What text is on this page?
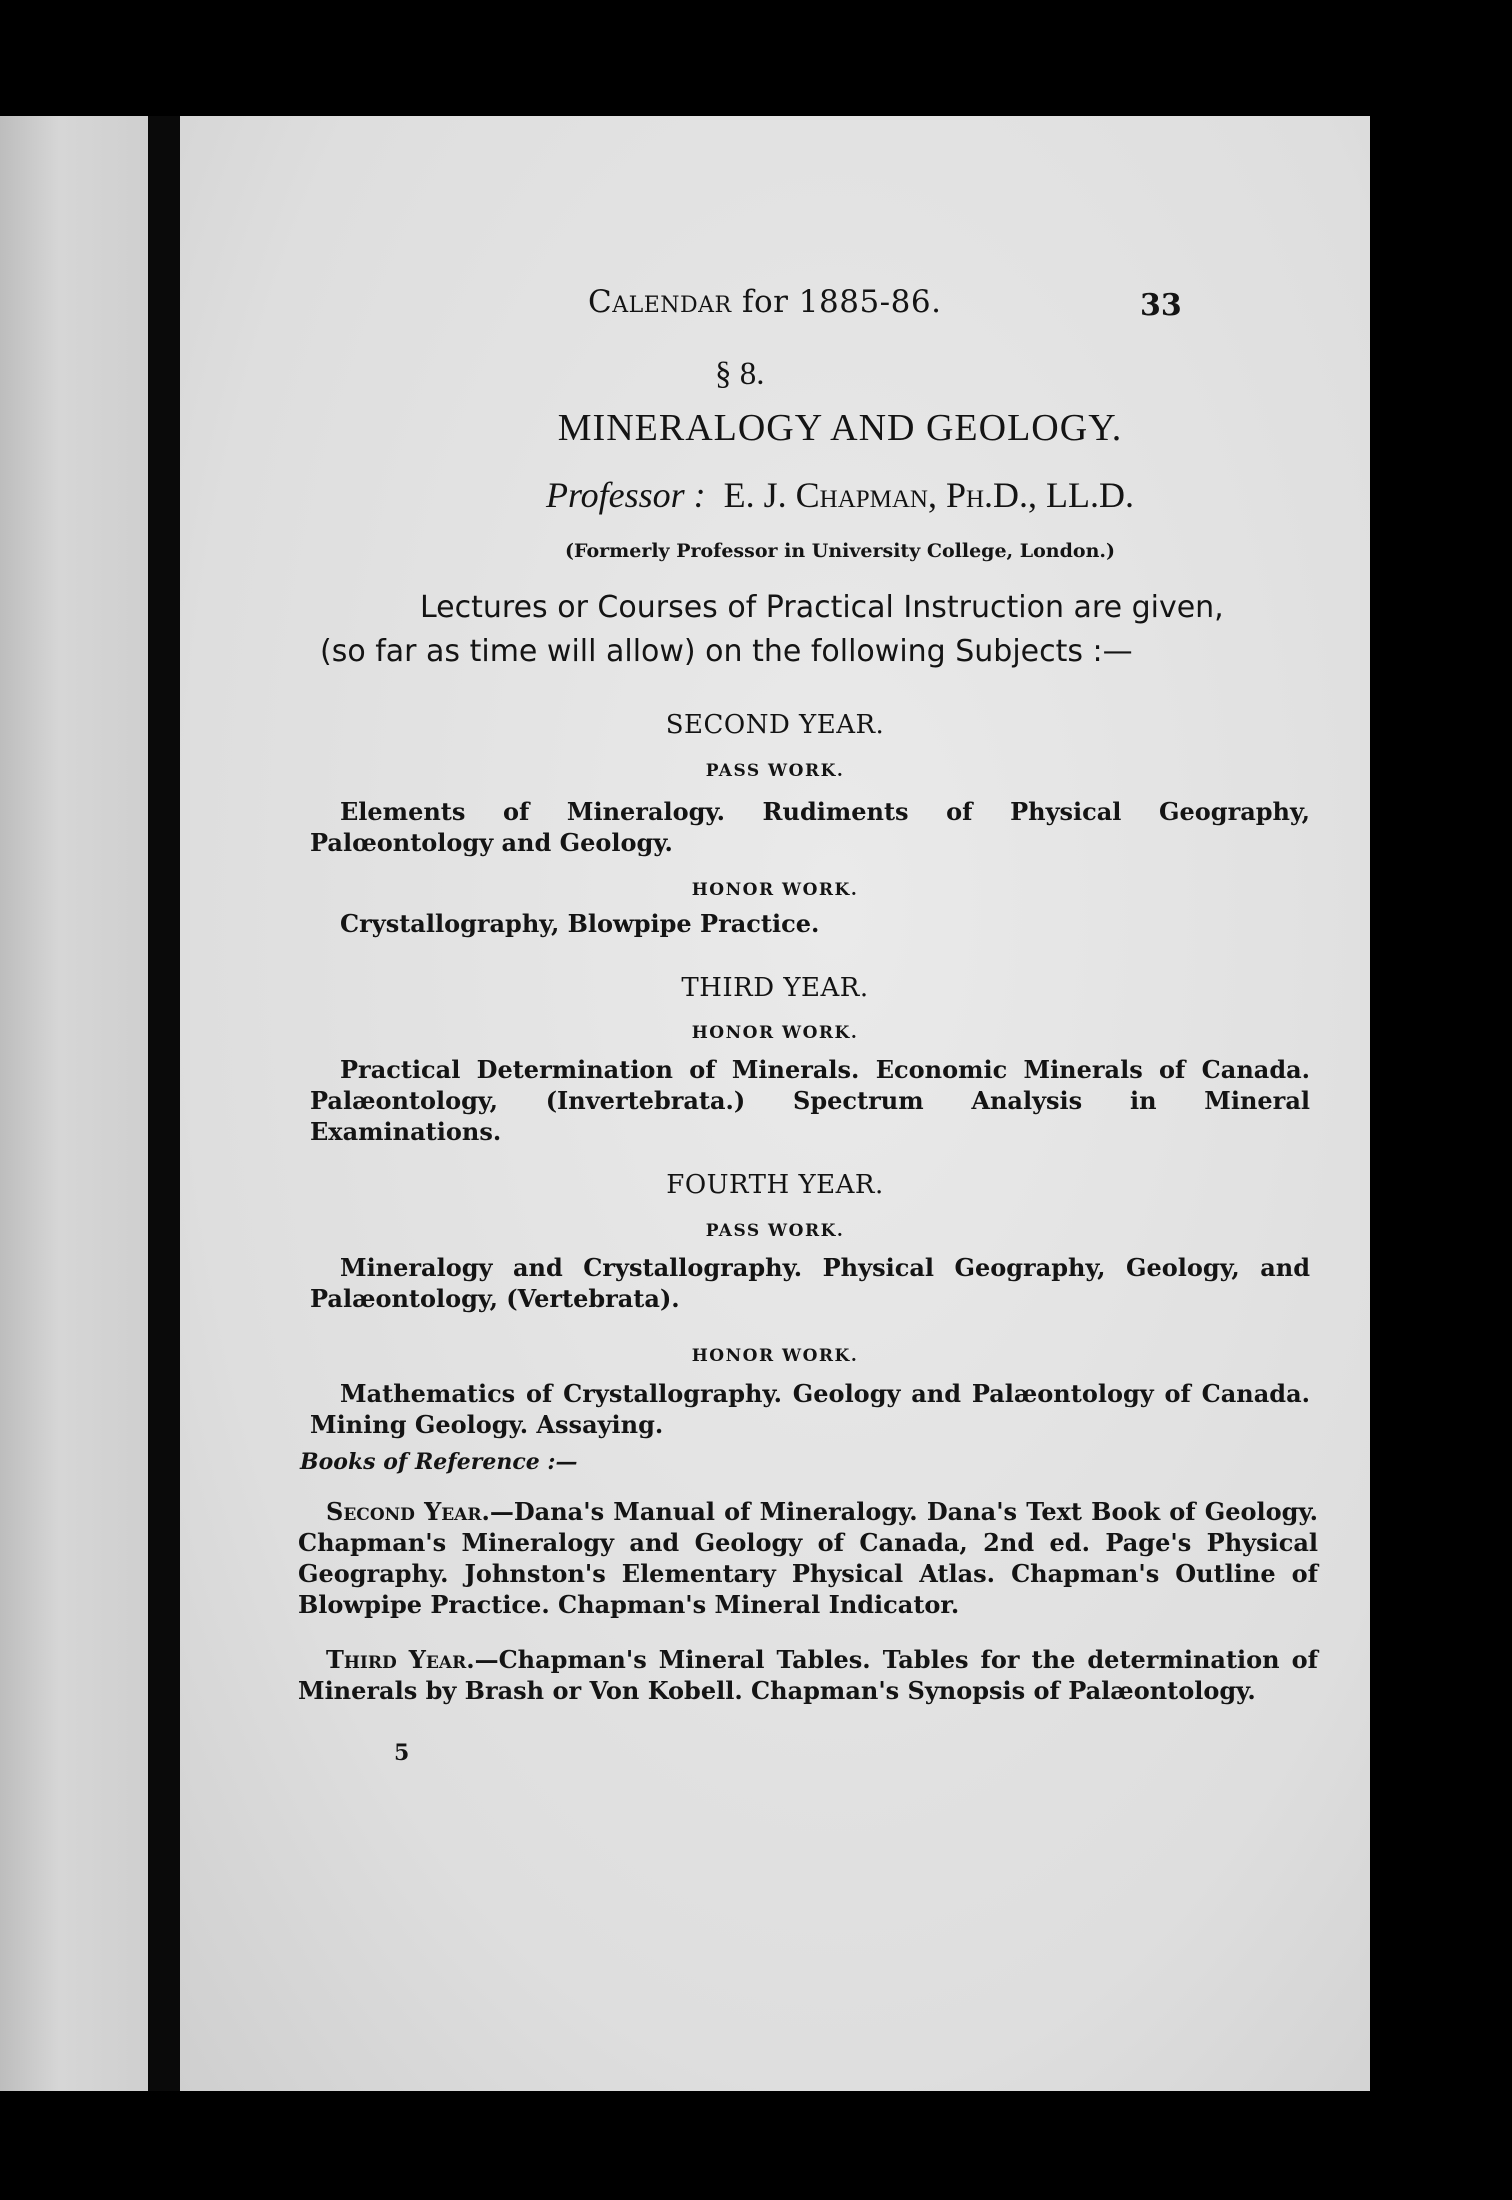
Calendar for 1885-86.	33
§ 8.
MINERALOGY AND GEOLOGY.
Professor : E. J. Chapman, Ph.D., LL.D.
(Formerly Professor in University College, London.)
Lectures or Courses of Practical Instruction are given,
(so far as time will allow) on the following Subjects :—
SECOND YEAR.
PASS WORK.
Elements of Mineralogy. Rudiments of Physical Geography, Palœontology and Geology.
HONOR WORK.
Crystallography, Blowpipe Practice.
THIRD YEAR.
HONOR WORK.
Practical Determination of Minerals. Economic Minerals of Canada. Palæontology, (Invertebrata.) Spectrum Analysis in Mineral Examinations.
FOURTH YEAR.
PASS WORK.
Mineralogy and Crystallography. Physical Geography, Geology, and Palæontology, (Vertebrata).
HONOR WORK.
Mathematics of Crystallography. Geology and Palæontology of Canada. Mining Geology. Assaying.
Books of Reference :—
Second Year.—Dana's Manual of Mineralogy. Dana's Text Book of Geology. Chapman's Mineralogy and Geology of Canada, 2nd ed. Page's Physical Geography. Johnston's Elementary Physical Atlas. Chapman's Outline of Blowpipe Practice. Chapman's Mineral Indicator.
Third Year.—Chapman's Mineral Tables. Tables for the determination of Minerals by Brash or Von Kobell. Chapman's Synopsis of Palæontology.
5
